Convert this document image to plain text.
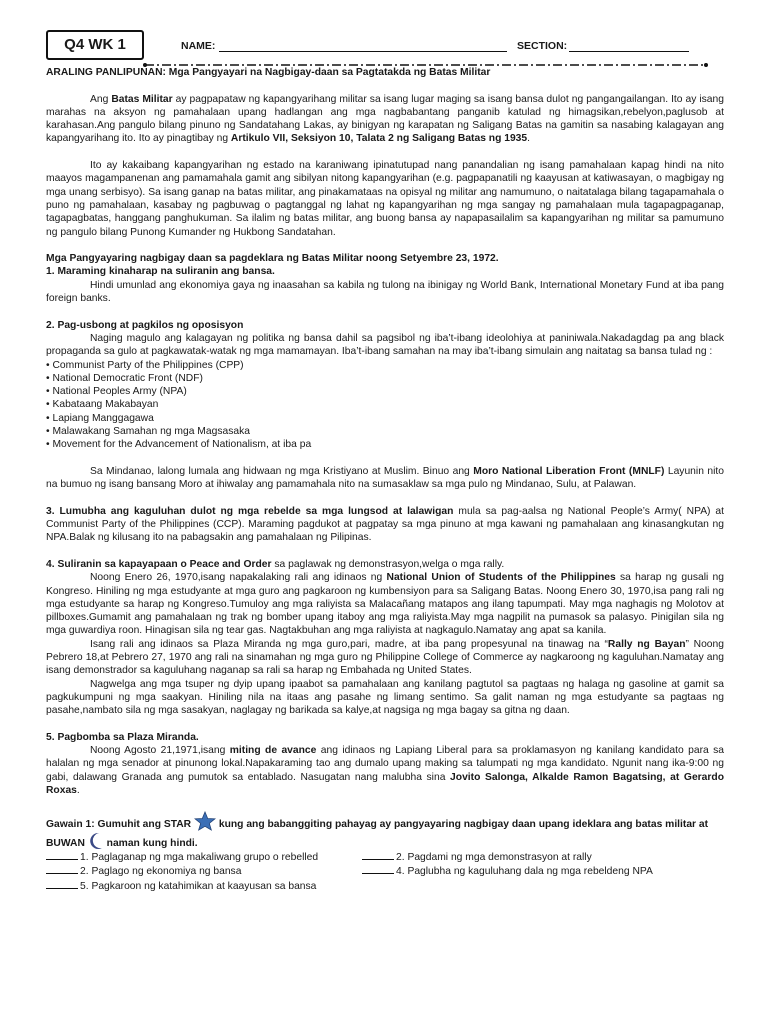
Q4 WK 1	NAME:	SECTION:
ARALING PANLIPUNAN: Mga Pangyayari na Nagbigay-daan sa Pagtatakda ng Batas Militar
Ang Batas Militar ay pagpapataw ng kapangyarihang militar sa isang lugar maging sa isang bansa dulot ng pangangailangan. Ito ay isang marahas na aksyon ng pamahalaan upang hadlangan ang mga nagbabantang panganib katulad ng himagsikan,rebelyon,paglusob at karahasan.Ang pangulo bilang pinuno ng Sandatahang Lakas, ay binigyan ng karapatan ng Saligang Batas na gamitin sa nasabing kalagayan ang kapangyarihang ito. Ito ay pinagtibay ng Artikulo VII, Seksiyon 10, Talata 2 ng Saligang Batas ng 1935.
Ito ay kakaibang kapangyarihan ng estado na karaniwang ipinatutupad nang panandalian ng isang pamahalaan kapag hindi na nito maayos magampanenan ang pamamahala gamit ang sibilyan nitong kapangyarihan (e.g. pagpapanatili ng kaayusan at katiwasayan, o magbigay ng mga unang serbisyo). Sa isang ganap na batas militar, ang pinakamataas na opisyal ng militar ang namumuno, o naitatalaga bilang tagapamahala o puno ng pamahalaan, kasabay ng pagbuwag o pagtanggal ng lahat ng kapangyarihan ng mga sangay ng pamahalaan mula tagapagpaganap, tagapagbatas, hanggang panghukuman. Sa ilalim ng batas militar, ang buong bansa ay napapasailalim sa kapangyarihan ng militar sa pamumuno ng pangulo bilang Punong Kumander ng Hukbong Sandatahan.
Mga Pangyayaring nagbigay daan sa pagdeklara ng Batas Militar noong Setyembre 23, 1972.
1. Maraming kinaharap na suliranin ang bansa.
Hindi umunlad ang ekonomiya gaya ng inaasahan sa kabila ng tulong na ibinigay ng World Bank, International Monetary Fund at iba pang foreign banks.
2. Pag-usbong at pagkilos ng oposisyon
Naging magulo ang kalagayan ng politika ng bansa dahil sa pagsibol ng iba’t-ibang ideolohiya at paniniwala.Nakadagdag pa ang black propaganda sa gulo at pagkawatak-watak ng mga mamamayan. Iba’t-ibang samahan na may iba’t-ibang simulain ang naitatag sa bansa tulad ng :
• Communist Party of the Philippines (CPP)
• National Democratic Front (NDF)
• National Peoples Army (NPA)
• Kabataang Makabayan
• Lapiang Manggagawa
• Malawakang Samahan ng mga Magsasaka
• Movement for the Advancement of Nationalism, at iba pa
Sa Mindanao, lalong lumala ang hidwaan ng mga Kristiyano at Muslim. Binuo ang Moro National Liberation Front (MNLF) Layunin nito na bumuo ng isang bansang Moro at ihiwalay ang pamamahala nito na sumasaklaw sa mga pulo ng Mindanao, Sulu, at Palawan.
3. Lumubha ang kaguluhan dulot ng mga rebelde sa mga lungsod at lalawigan mula sa pag-aalsa ng National People’s Army( NPA) at Communist Party of the Philippines (CCP). Maraming pagdukot at pagpatay sa mga pinuno at mga kawani ng pamahalaan ang kinasangkutan ng NPA.Balak ng kilusang ito na pabagsakin ang pamahalaan ng Pilipinas.
4. Suliranin sa kapayapaan o Peace and Order sa paglawak ng demonstrasyon,welga o mga rally.
Noong Enero 26, 1970,isang napakalaking rali ang idinaos ng National Union of Students of the Philippines sa harap ng gusali ng Kongreso. Hiniling ng mga estudyante at mga guro ang pagkaroon ng kumbensiyon para sa Saligang Batas. Noong Enero 30, 1970,isa pang rali ng mga estudyante sa harap ng Kongreso.Tumuloy ang mga raliyista sa Malacañang matapos ang ilang tapumpati. May mga naghagis ng Molotov at pillboxes.Gumamit ang pamahalaan ng trak ng bomber upang itaboy ang mga raliyista.May mga nagpilit na pumasok sa palasyo. Pinigilan sila ng mga guwardiya roon. Hinagisan sila ng tear gas. Nagtakbuhan ang mga raliyista at nagkagulo.Namatay ang apat sa kanila.
Isang rali ang idinaos sa Plaza Miranda ng mga guro,pari, madre, at iba pang propesyunal na tinawag na “Rally ng Bayan” Noong Pebrero 18,at Pebrero 27, 1970 ang rali na sinamahan ng mga guro ng Philippine College of Commerce ay nagkaroong ng kaguluhan.Namatay ang isang demonstrador sa kaguluhang naganap sa rali sa harap ng Embahada ng United States.
Nagwelga ang mga tsuper ng dyip upang ipaabot sa pamahalaan ang kanilang pagtutol sa pagtaas ng halaga ng gasoline at gamit sa pagkukumpuni ng mga saakyan. Hiniling nila na itaas ang pasahe ng limang sentimo. Sa galit naman ng mga estudyante sa pagtaas ng pasahe,nambato sila ng mga sasakyan, naglagay ng barikada sa kalye,at nagsiga ng mga bagay sa gitna ng daan.
5. Pagbomba sa Plaza Miranda.
Noong Agosto 21,1971,isang miting de avance ang idinaos ng Lapiang Liberal para sa proklamasyon ng kanilang kandidato para sa halalan ng mga senador at pinunong lokal.Napakaraming tao ang dumalo upang making sa talumpati ng mga kandidato. Ngunit nang ika-9:00 ng gabi, dalawang Granada ang pumutok sa entablado. Nasugatan nang malubha sina Jovito Salonga, Alkalde Ramon Bagatsing, at Gerardo Roxas.
Gawain 1: Gumuhit ang STAR	kung ang babanggiting pahayag ay pangyayaring nagbigay daan upang ideklara ang batas militar at BUWAN  naman kung hindi.
1. Paglaganap ng mga makaliwang grupo o rebelled	2. Pagdami ng mga demonstrasyon at rally
2. Paglago ng ekonomiya ng bansa	4. Paglubha ng kaguluhang dala ng mga rebeldeng NPA
5. Pagkaroon ng katahimikan at kaayusan sa bansa
